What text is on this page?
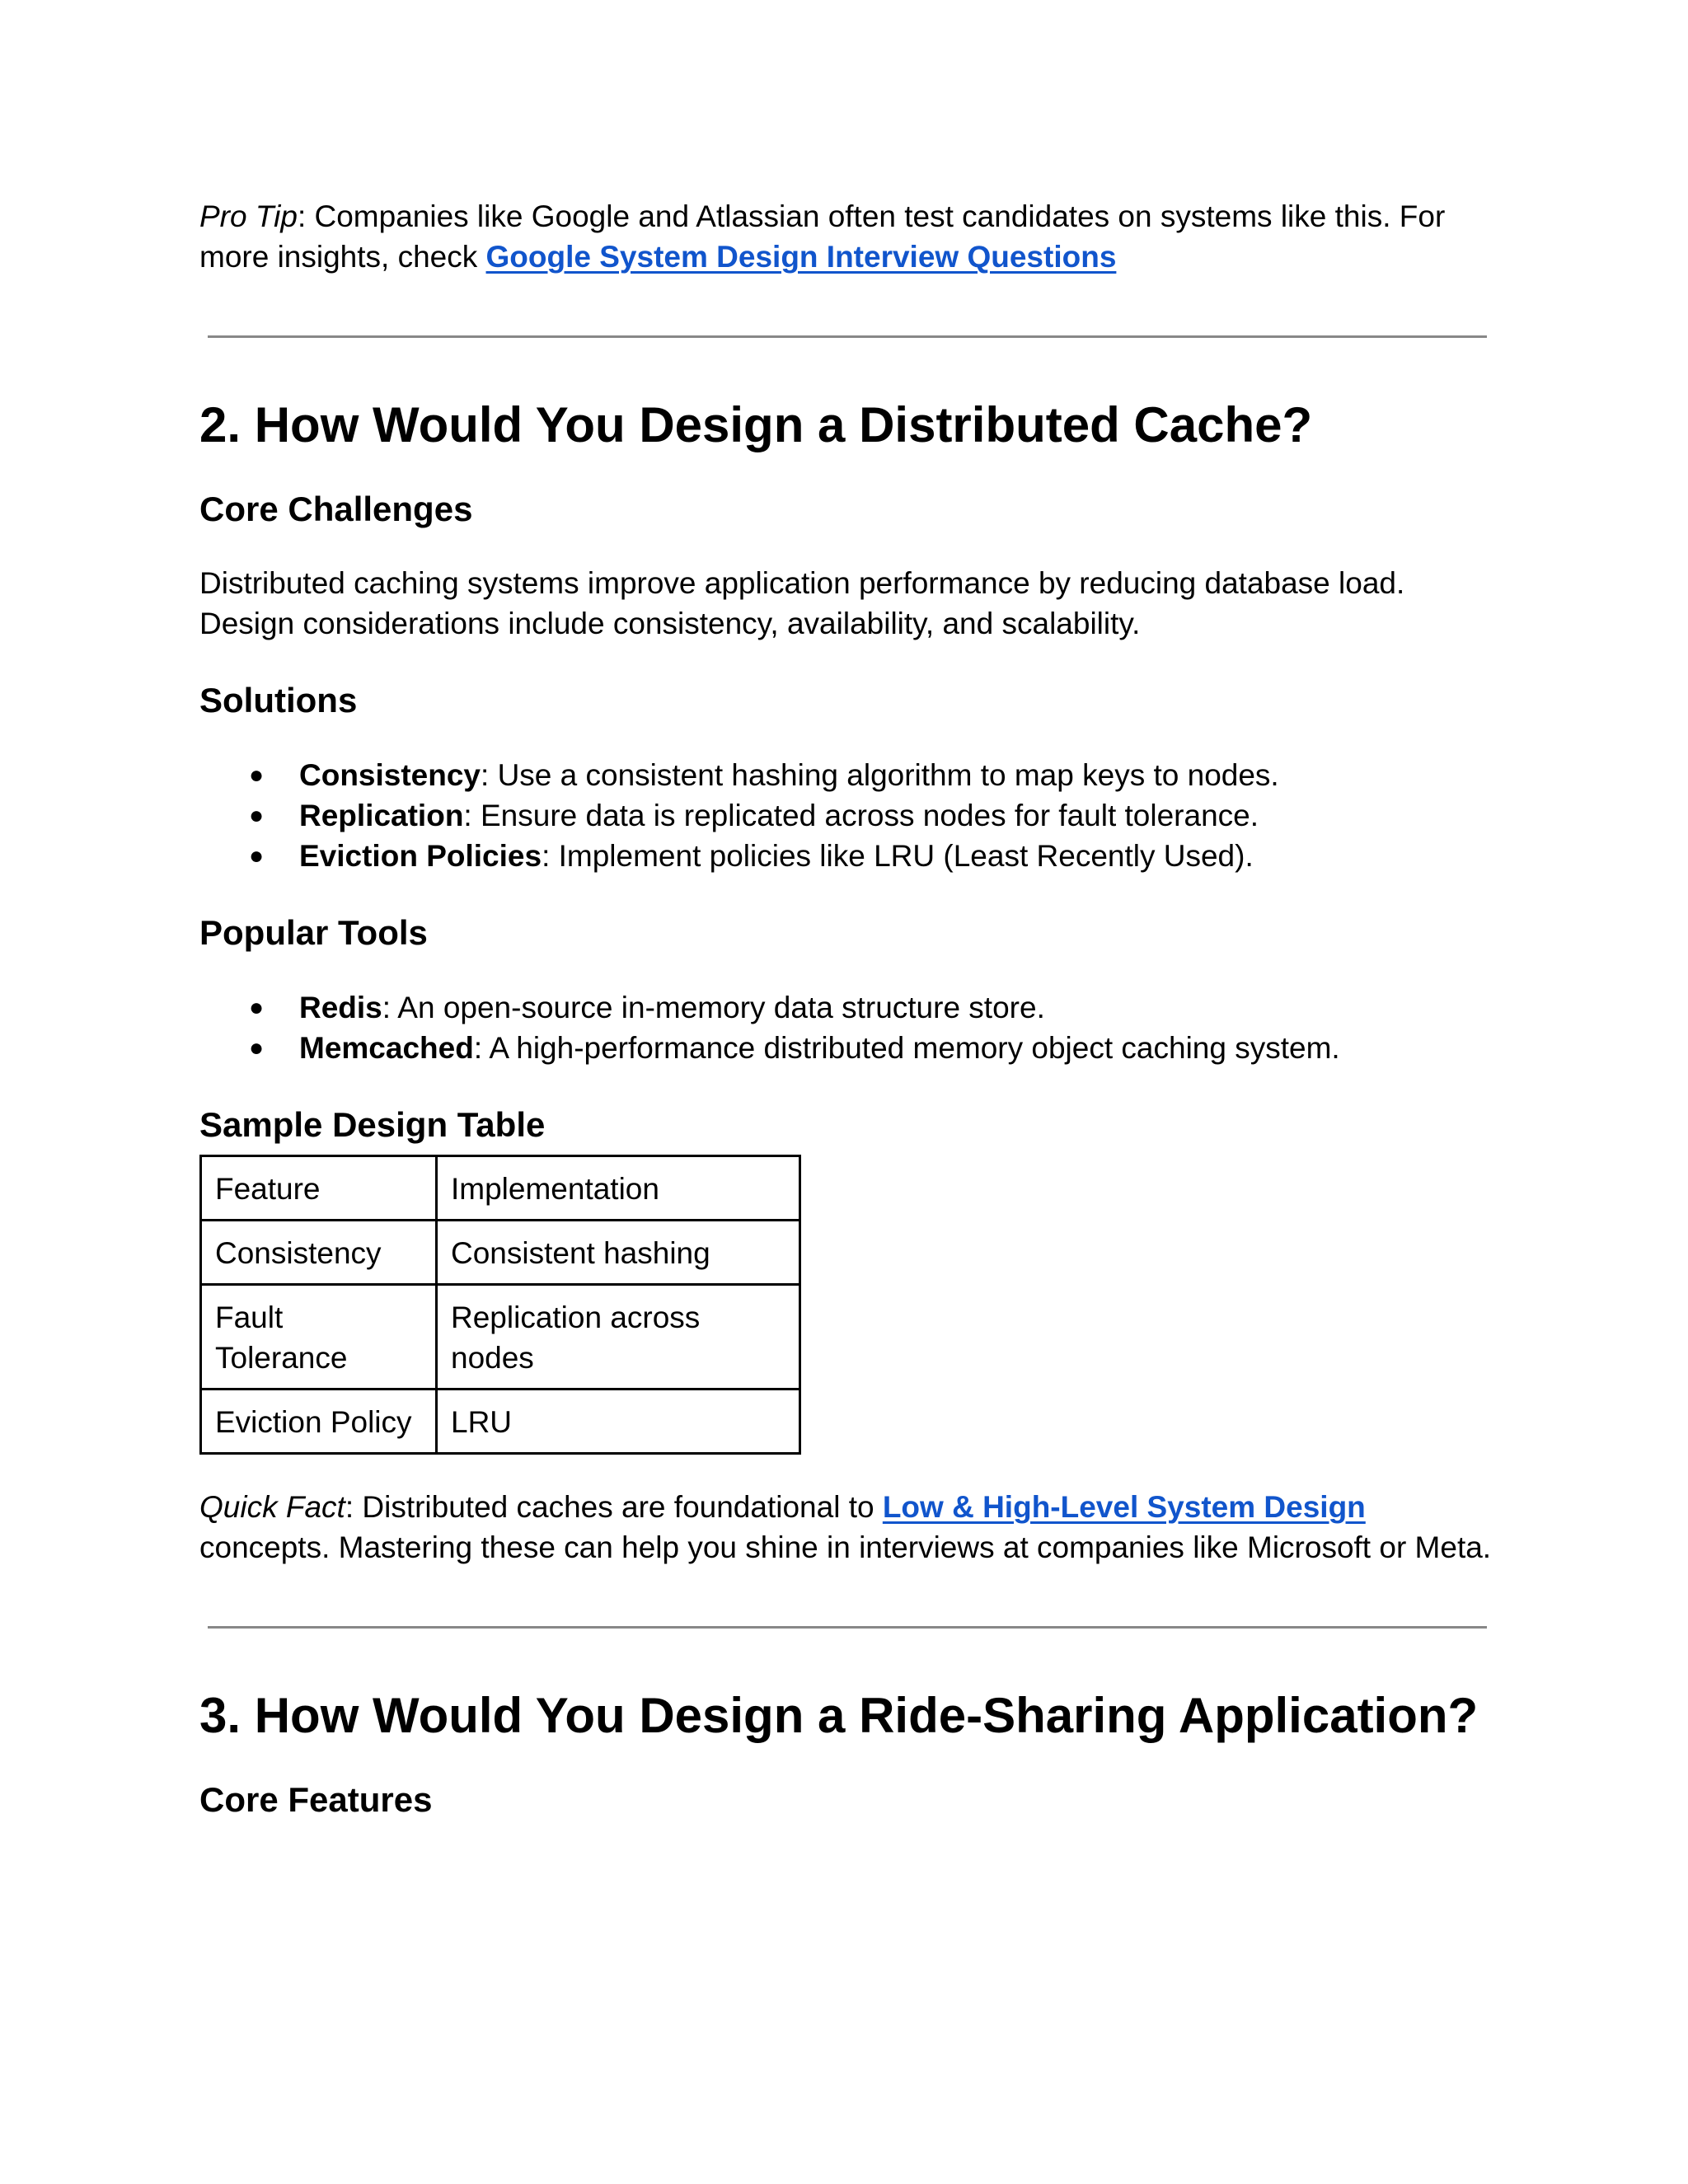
Pro Tip: Companies like Google and Atlassian often test candidates on systems like this. For
more insights, check Google System Design Interview Questions

2. How Would You Design a Distributed Cache?
Core Challenges

Distributed caching systems improve application performance by reducing database load.
Design considerations include consistency, availability, and scalability.

Solutions
● Consistency: Use a consistent hashing algorithm to map keys to nodes.
● Replication: Ensure data is replicated across nodes for fault tolerance.
● Eviction Policies: Implement policies like LRU (Least Recently Used).
Popular Tools
● Redis: An open-source in-memory data structure store.
● Memcached: A high-performance distributed memory object caching system.
Sample Design Table
Feature	Implementation
Consistency	Consistent hashing
Fault Tolerance	Replication across nodes
Eviction Policy	LRU

Quick Fact: Distributed caches are foundational to Low & High-Level System Design
concepts. Mastering these can help you shine in interviews at companies like Microsoft or Meta.

3. How Would You Design a Ride-Sharing Application?
Core Features
